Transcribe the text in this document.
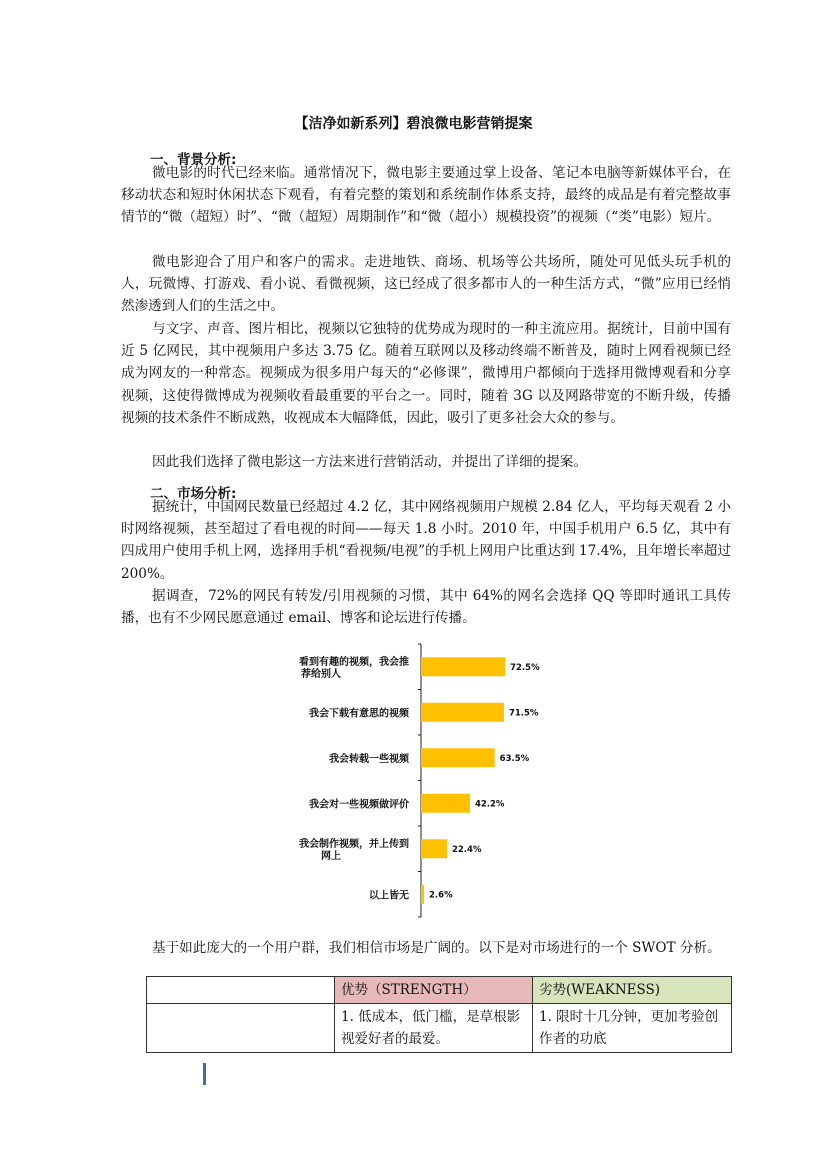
【洁净如新系列】碧浪微电影营销提案
一、背景分析:

微电影的时代已经来临。通常情况下，微电影主要通过掌上设备、笔记本电脑等新媒体平台，在移动状态和短时休闲状态下观看，有着完整的策划和系统制作体系支持，最终的成品是有着完整故事情节的“微（超短）时”、“微（超短）周期制作”和“微（超小）规模投资”的视频（“类”电影）短片。

微电影迎合了用户和客户的需求。走进地铁、商场、机场等公共场所，随处可见低头玩手机的人，玩微博、打游戏、看小说、看微视频，这已经成了很多都市人的一种生活方式，“微”应用已经悄然渗透到人们的生活之中。

与文字、声音、图片相比，视频以它独特的优势成为现时的一种主流应用。据统计，目前中国有近 5 亿网民，其中视频用户多达 3.75 亿。随着互联网以及移动终端不断普及，随时上网看视频已经成为网友的一种常态。视频成为很多用户每天的“必修课”，微博用户都倾向于选择用微博观看和分享视频，这使得微博成为视频收看最重要的平台之一。同时，随着 3G 以及网路带宽的不断升级，传播视频的技术条件不断成熟，收视成本大幅降低，因此，吸引了更多社会大众的参与。

因此我们选择了微电影这一方法来进行营销活动，并提出了详细的提案。

二、市场分析:

据统计，中国网民数量已经超过 4.2 亿，其中网络视频用户规模 2.84 亿人，平均每天观看 2 小时网络视频，甚至超过了看电视的时间——每天 1.8 小时。2010 年，中国手机用户 6.5 亿，其中有四成用户使用手机上网，选择用手机“看视频/电视”的手机上网用户比重达到 17.4%，且年增长率超过 200%。

据调查，72%的网民有转发/引用视频的习惯，其中 64%的网名会选择 QQ 等即时通讯工具传播，也有不少网民愿意通过 email、博客和论坛进行传播。

72.5%
看到有趣的视频，我会推
荐给别人
71.5%
我会下载有意思的视频
63.5%
我会转载一些视频
42.2%
我会对一些视频做评价
22.4%
我会制作视频，并上传到
网上
2.6%
以上皆无

基于如此庞大的一个用户群，我们相信市场是广阔的。以下是对市场进行的一个 SWOT 分析。

	优势（STRENGTH）	劣势(WEAKNESS)
	1. 低成本，低门槛，是草根影视爱好者的最爱。	1. 限时十几分钟，更加考验创作者的功底
